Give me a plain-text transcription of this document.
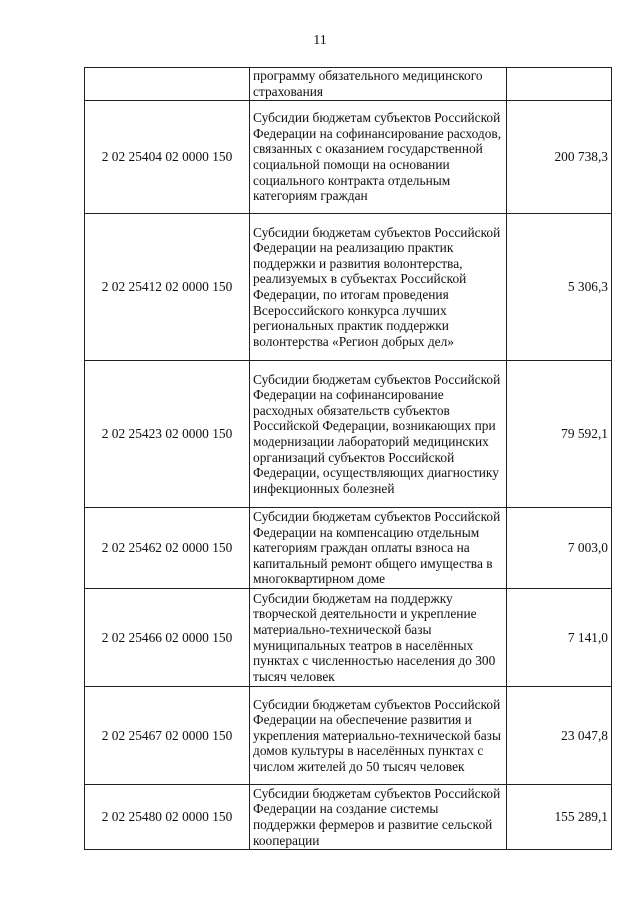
11
	программу обязательного медицинского страхования	
2 02 25404 02 0000 150	Субсидии бюджетам субъектов Российской Федерации на софинансирование расходов, связанных с оказанием государственной социальной помощи на основании социального контракта отдельным категориям граждан	200 738,3
2 02 25412 02 0000 150	Субсидии бюджетам субъектов Российской Федерации на реализацию практик поддержки и развития волонтерства, реализуемых в субъектах Российской Федерации, по итогам проведения Всероссийского конкурса лучших региональных практик поддержки волонтерства «Регион добрых дел»	5 306,3
2 02 25423 02 0000 150	Субсидии бюджетам субъектов Российской Федерации на софинансирование расходных обязательств субъектов Российской Федерации, возникающих при модернизации лабораторий медицинских организаций субъектов Российской Федерации, осуществляющих диагностику инфекционных болезней	79 592,1
2 02 25462 02 0000 150	Субсидии бюджетам субъектов Российской Федерации на компенсацию отдельным категориям граждан оплаты взноса на капитальный ремонт общего имущества в многоквартирном доме	7 003,0
2 02 25466 02 0000 150	Субсидии бюджетам на поддержку творческой деятельности и укрепление материально-технической базы муниципальных театров в населённых пунктах с численностью населения до 300 тысяч человек	7 141,0
2 02 25467 02 0000 150	Субсидии бюджетам субъектов Российской Федерации на обеспечение развития и укрепления материально-технической базы домов культуры в населённых пунктах с числом жителей до 50 тысяч человек	23 047,8
2 02 25480 02 0000 150	Субсидии бюджетам субъектов Российской Федерации на создание системы поддержки фермеров и развитие сельской кооперации	155 289,1
